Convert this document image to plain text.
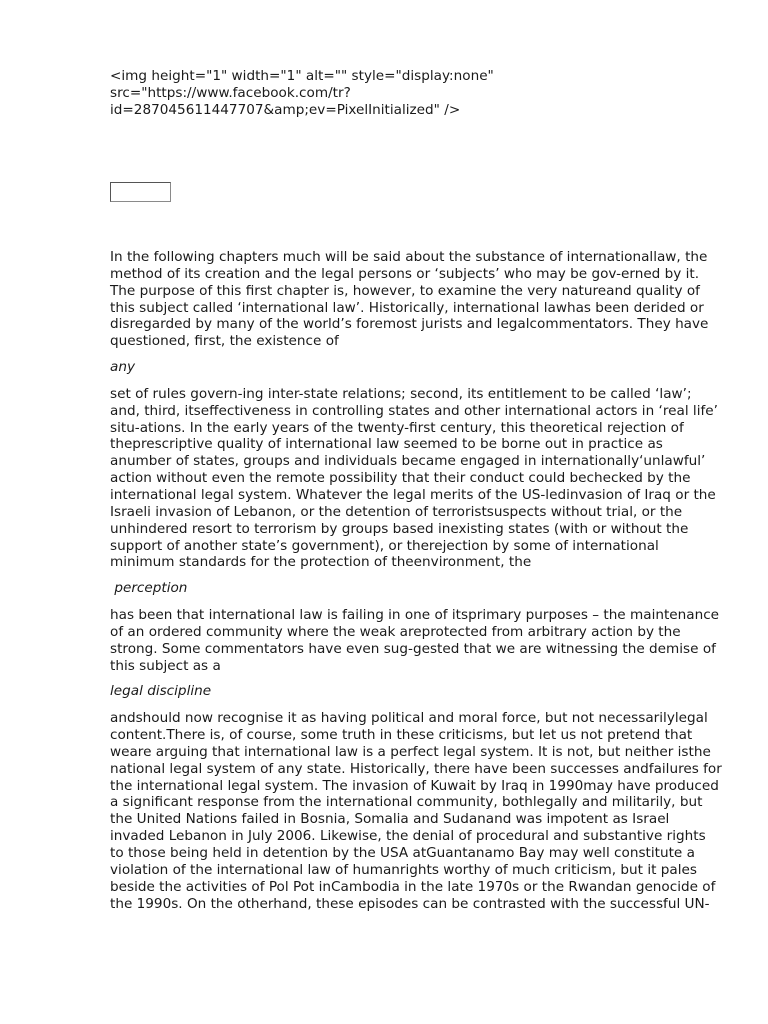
<img height="1" width="1" alt="" style="display:none"
src="https://www.facebook.com/tr?
id=287045611447707&amp;ev=PixelInitialized" />

In the following chapters much will be said about the substance of internationallaw, the method of its creation and the legal persons or ‘subjects’ who may be gov-erned by it. The purpose of this first chapter is, however, to examine the very natureand quality of this subject called ‘international law’. Historically, international lawhas been derided or disregarded by many of the world’s foremost jurists and legalcommentators. They have questioned, first, the existence of

any

set of rules govern-ing inter-state relations; second, its entitlement to be called ‘law’; and, third, itseffectiveness in controlling states and other international actors in ‘real life’ situ-ations. In the early years of the twenty-first century, this theoretical rejection of theprescriptive quality of international law seemed to be borne out in practice as anumber of states, groups and individuals became engaged in internationally‘unlawful’ action without even the remote possibility that their conduct could bechecked by the international legal system. Whatever the legal merits of the US-ledinvasion of Iraq or the Israeli invasion of Lebanon, or the detention of terroristsuspects without trial, or the unhindered resort to terrorism by groups based inexisting states (with or without the support of another state’s government), or therejection by some of international minimum standards for the protection of theenvironment, the

perception

has been that international law is failing in one of itsprimary purposes – the maintenance of an ordered community where the weak areprotected from arbitrary action by the strong. Some commentators have even sug-gested that we are witnessing the demise of this subject as a

legal discipline

andshould now recognise it as having political and moral force, but not necessarilylegal content.There is, of course, some truth in these criticisms, but let us not pretend that weare arguing that international law is a perfect legal system. It is not, but neither isthe national legal system of any state. Historically, there have been successes andfailures for the international legal system. The invasion of Kuwait by Iraq in 1990may have produced a significant response from the international community, bothlegally and militarily, but the United Nations failed in Bosnia, Somalia and Sudanand was impotent as Israel invaded Lebanon in July 2006. Likewise, the denial of procedural and substantive rights to those being held in detention by the USA atGuantanamo Bay may well constitute a violation of the international law of humanrights worthy of much criticism, but it pales beside the activities of Pol Pot inCambodia in the late 1970s or the Rwandan genocide of the 1990s. On the otherhand, these episodes can be contrasted with the successful UN-
